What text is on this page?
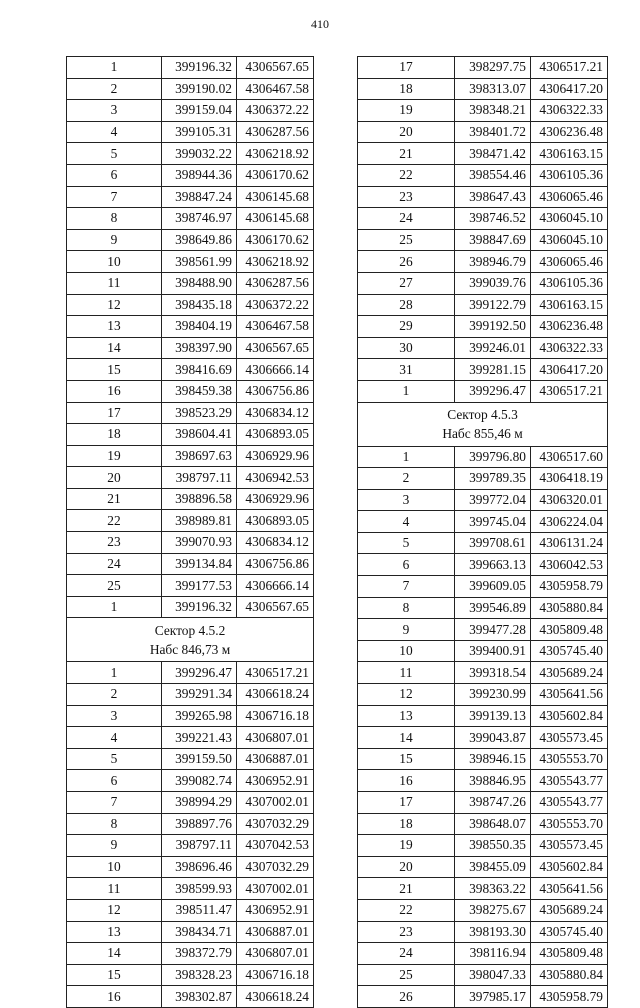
410
1	399196.32	4306567.65
2	399190.02	4306467.58
3	399159.04	4306372.22
4	399105.31	4306287.56
5	399032.22	4306218.92
6	398944.36	4306170.62
7	398847.24	4306145.68
8	398746.97	4306145.68
9	398649.86	4306170.62
10	398561.99	4306218.92
11	398488.90	4306287.56
12	398435.18	4306372.22
13	398404.19	4306467.58
14	398397.90	4306567.65
15	398416.69	4306666.14
16	398459.38	4306756.86
17	398523.29	4306834.12
18	398604.41	4306893.05
19	398697.63	4306929.96
20	398797.11	4306942.53
21	398896.58	4306929.96
22	398989.81	4306893.05
23	399070.93	4306834.12
24	399134.84	4306756.86
25	399177.53	4306666.14
1	399196.32	4306567.65

Сектор 4.5.2
Набс 846,73 м		

1	399296.47	4306517.21
2	399291.34	4306618.24
3	399265.98	4306716.18
4	399221.43	4306807.01
5	399159.50	4306887.01
6	399082.74	4306952.91
7	398994.29	4307002.01
8	398897.76	4307032.29
9	398797.11	4307042.53
10	398696.46	4307032.29
11	398599.93	4307002.01
12	398511.47	4306952.91
13	398434.71	4306887.01
14	398372.79	4306807.01
15	398328.23	4306716.18
16	398302.87	4306618.24
17	398297.75	4306517.21
18	398313.07	4306417.20
19	398348.21	4306322.33
20	398401.72	4306236.48
21	398471.42	4306163.15
22	398554.46	4306105.36
23	398647.43	4306065.46
24	398746.52	4306045.10
25	398847.69	4306045.10
26	398946.79	4306065.46
27	399039.76	4306105.36
28	399122.79	4306163.15
29	399192.50	4306236.48
30	399246.01	4306322.33
31	399281.15	4306417.20
1	399296.47	4306517.21

Сектор 4.5.3
Набс 855,46 м		

1	399796.80	4306517.60
2	399789.35	4306418.19
3	399772.04	4306320.01
4	399745.04	4306224.04
5	399708.61	4306131.24
6	399663.13	4306042.53
7	399609.05	4305958.79
8	399546.89	4305880.84
9	399477.28	4305809.48
10	399400.91	4305745.40
11	399318.54	4305689.24
12	399230.99	4305641.56
13	399139.13	4305602.84
14	399043.87	4305573.45
15	398946.15	4305553.70
16	398846.95	4305543.77
17	398747.26	4305543.77
18	398648.07	4305553.70
19	398550.35	4305573.45
20	398455.09	4305602.84
21	398363.22	4305641.56
22	398275.67	4305689.24
23	398193.30	4305745.40
24	398116.94	4305809.48
25	398047.33	4305880.84
26	397985.17	4305958.79
